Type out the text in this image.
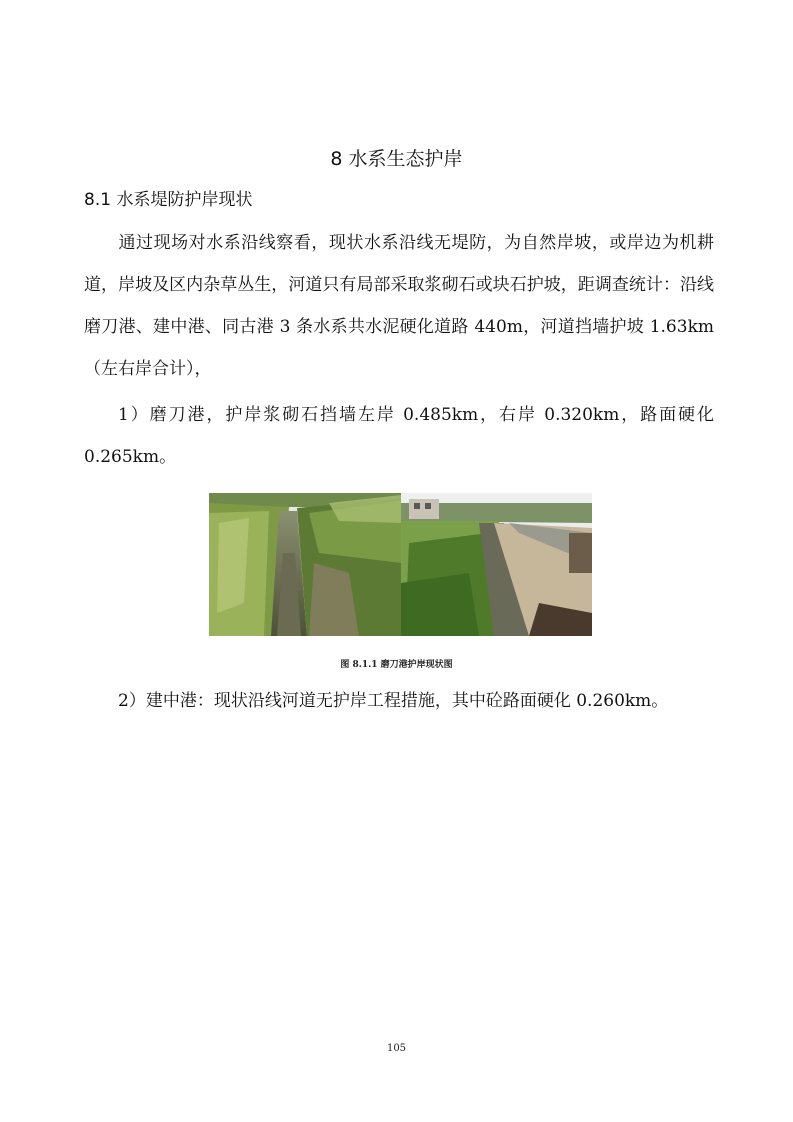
8 水系生态护岸
8.1 水系堤防护岸现状
通过现场对水系沿线察看，现状水系沿线无堤防，为自然岸坡，或岸边为机耕道，岸坡及区内杂草丛生，河道只有局部采取浆砌石或块石护坡，距调查统计：沿线磨刀港、建中港、同古港 3 条水系共水泥硬化道路 440m，河道挡墙护坡 1.63km（左右岸合计），
1）磨刀港，护岸浆砌石挡墙左岸 0.485km，右岸 0.320km，路面硬化 0.265km。
图 8.1.1 磨刀港护岸现状图
2）建中港：现状沿线河道无护岸工程措施，其中砼路面硬化 0.260km。
105
